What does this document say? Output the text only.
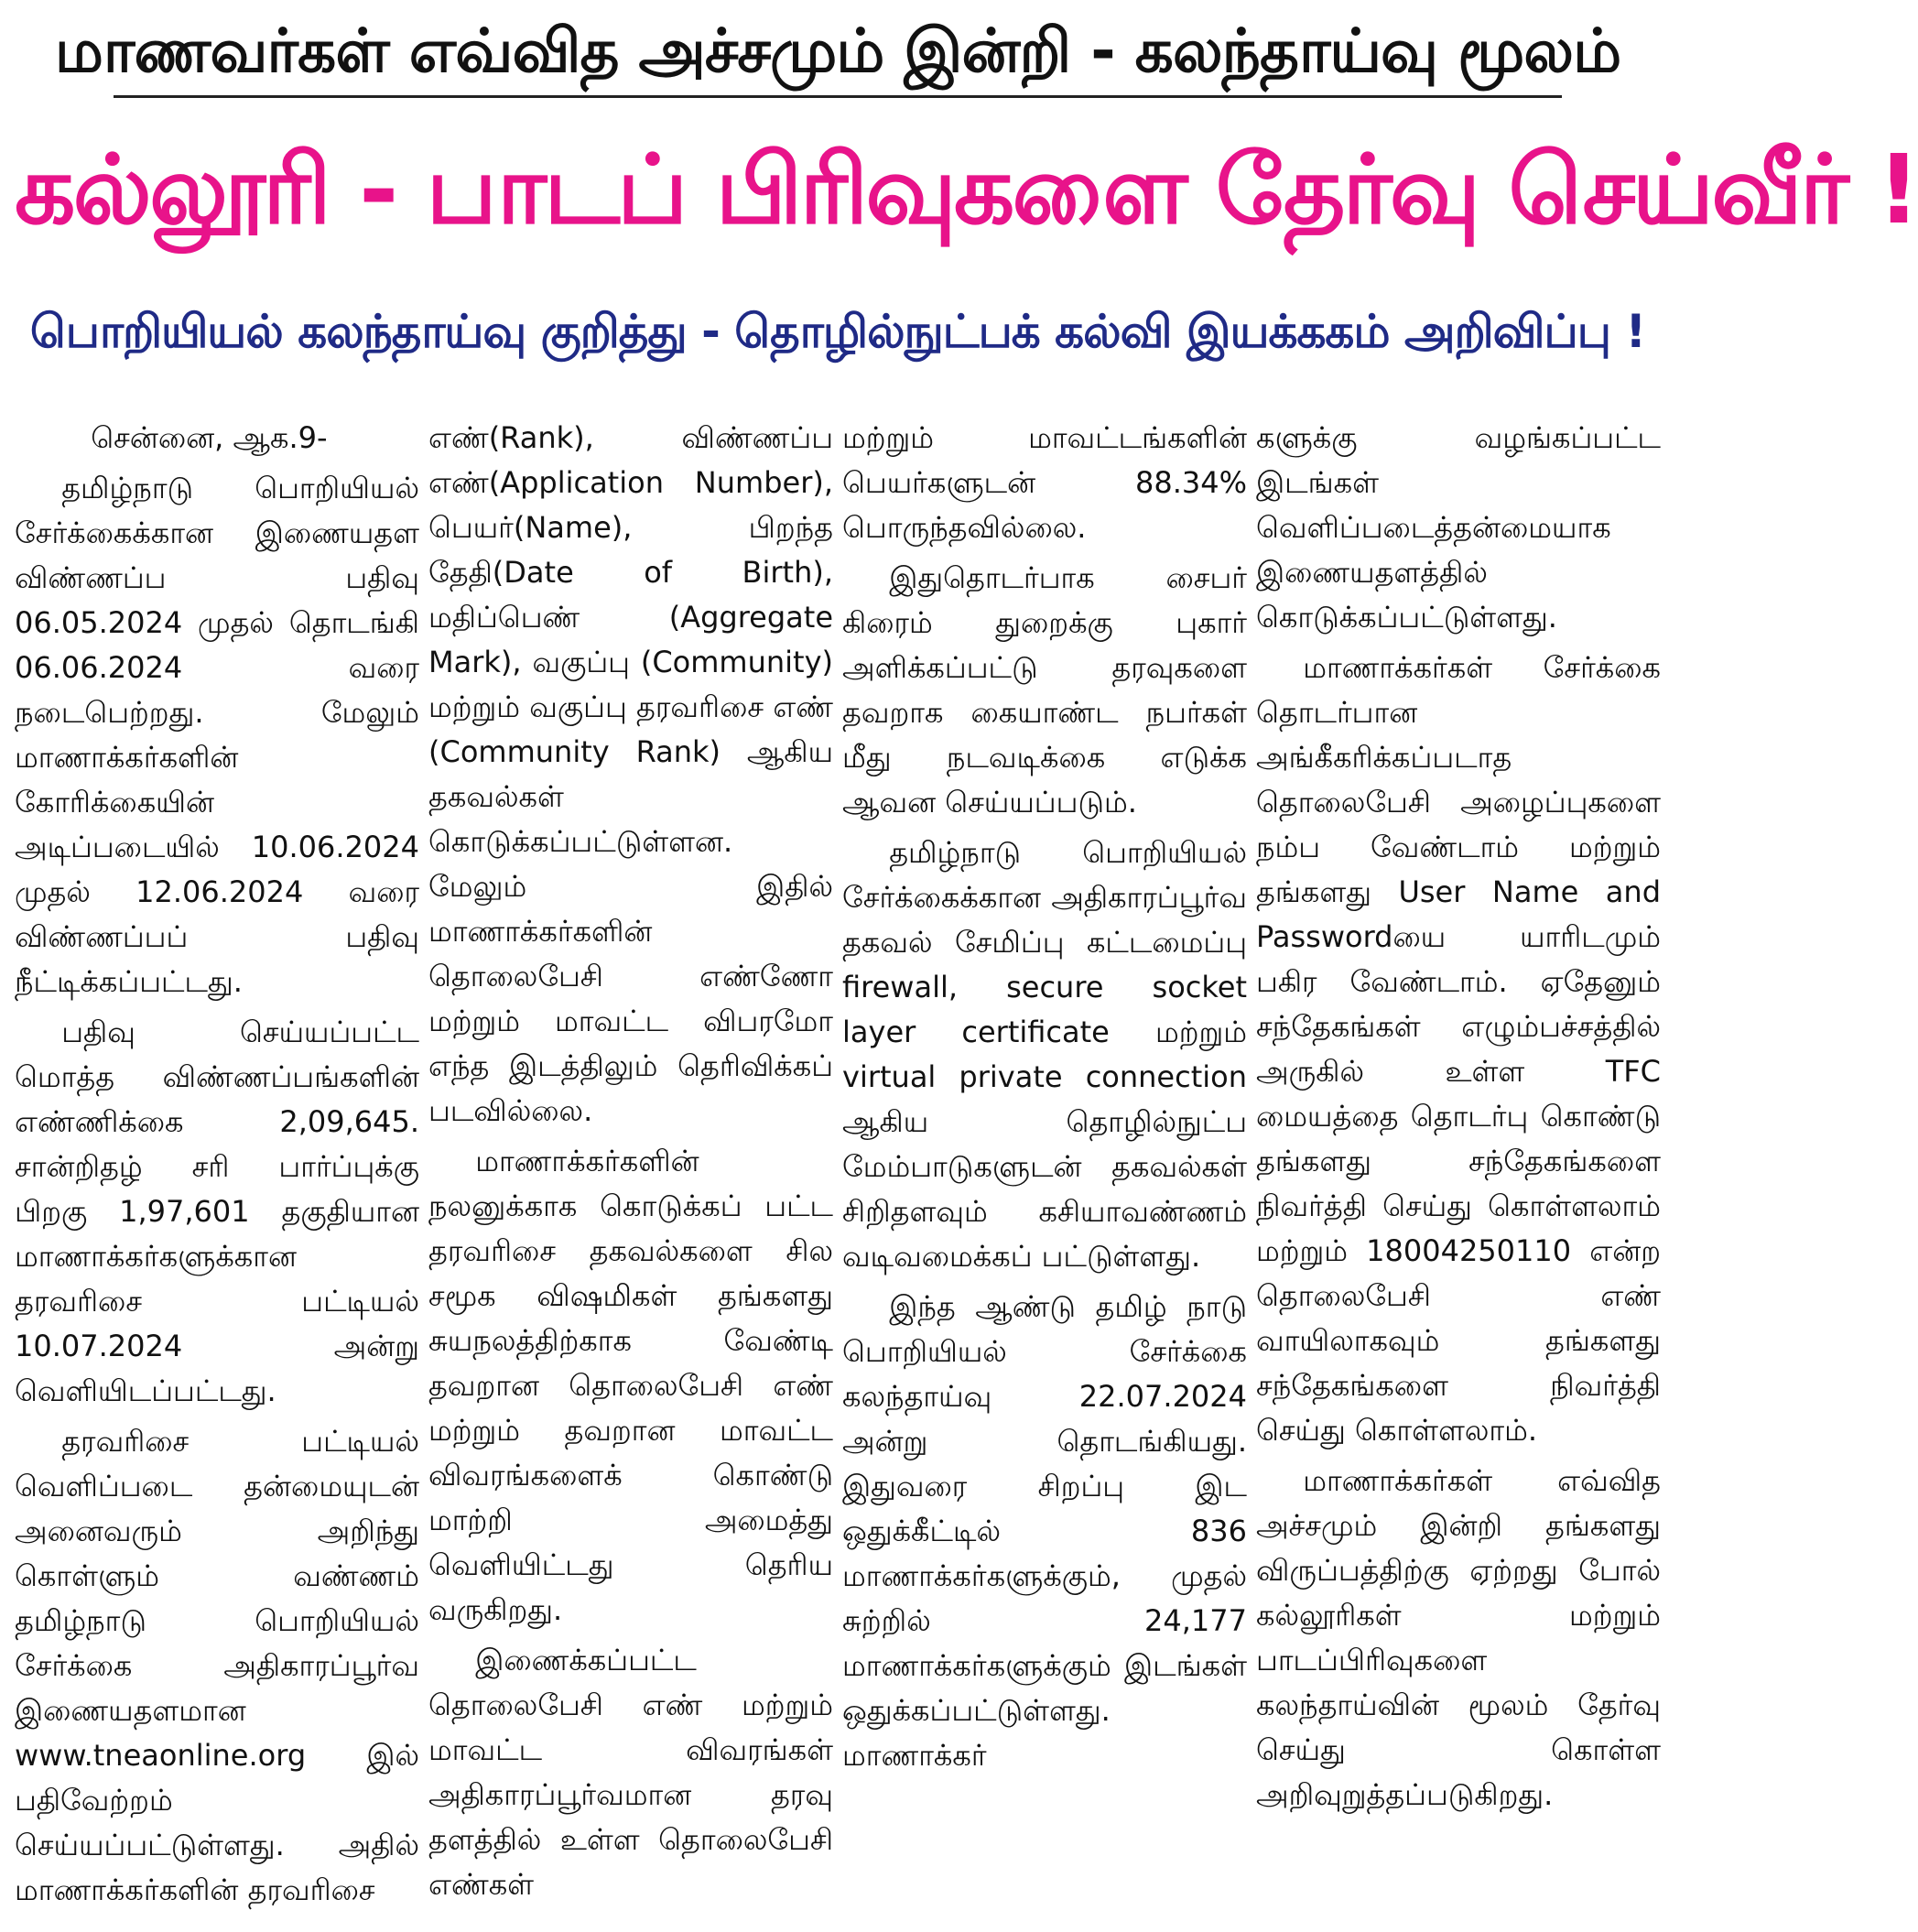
மாணவர்கள் எவ்வித அச்சமும் இன்றி - கலந்தாய்வு மூலம்
கல்லூரி - பாடப் பிரிவுகளை தேர்வு செய்வீர் !
பொறியியல் கலந்தாய்வு குறித்து - தொழில்நுட்பக் கல்வி இயக்ககம் அறிவிப்பு !

சென்னை, ஆக.9-

தமிழ்நாடு பொறியியல் சேர்க்கைக்கான இணையதள விண்ணப்ப பதிவு 06.05.2024 முதல் தொடங்கி 06.06.2024 வரை நடைபெற்றது. மேலும் மாணாக்கர்களின் கோரிக்கையின் அடிப்படையில் 10.06.2024 முதல் 12.06.2024 வரை விண்ணப்பப் பதிவு நீட்டிக்கப்பட்டது.

பதிவு செய்யப்பட்ட மொத்த விண்ணப்பங்களின் எண்ணிக்கை 2,09,645. சான்றிதழ் சரி பார்ப்புக்கு பிறகு 1,97,601 தகுதியான மாணாக்கர்களுக்கான தரவரிசை பட்டியல் 10.07.2024 அன்று வெளியிடப்பட்டது.

தரவரிசை பட்டியல் வெளிப்படை தன்மையுடன் அனைவரும் அறிந்து கொள்ளும் வண்ணம் தமிழ்நாடு பொறியியல் சேர்க்கை அதிகாரப்பூர்வ இணையதளமான www.tneaonline.org இல் பதிவேற்றம் செய்யப்பட்டுள்ளது. அதில் மாணாக்கர்களின் தரவரிசை

எண்(Rank), விண்ணப்ப எண்(Application Number), பெயர்(Name), பிறந்த தேதி(Date of Birth), மதிப்பெண் (Aggregate Mark), வகுப்பு (Community) மற்றும் வகுப்பு தரவரிசை எண் (Community Rank) ஆகிய தகவல்கள் கொடுக்கப்பட்டுள்ளன. மேலும் இதில் மாணாக்கர்களின் தொலைபேசி எண்ணோ மற்றும் மாவட்ட விபரமோ எந்த இடத்திலும் தெரிவிக்கப் படவில்லை.

மாணாக்கர்களின் நலனுக்காக கொடுக்கப் பட்ட தரவரிசை தகவல்களை சில சமூக விஷமிகள் தங்களது சுயநலத்திற்காக வேண்டி தவறான தொலைபேசி எண் மற்றும் தவறான மாவட்ட விவரங்களைக் கொண்டு மாற்றி அமைத்து வெளியிட்டது தெரிய வருகிறது.

இணைக்கப்பட்ட தொலைபேசி எண் மற்றும் மாவட்ட விவரங்கள் அதிகாரப்பூர்வமான தரவு தளத்தில் உள்ள தொலைபேசி எண்கள்

மற்றும் மாவட்டங்களின் பெயர்களுடன் 88.34% பொருந்தவில்லை.

இதுதொடர்பாக சைபர் கிரைம் துறைக்கு புகார் அளிக்கப்பட்டு தரவுகளை தவறாக கையாண்ட நபர்கள் மீது நடவடிக்கை எடுக்க ஆவன செய்யப்படும்.

தமிழ்நாடு பொறியியல் சேர்க்கைக்கான அதிகாரப்பூர்வ தகவல் சேமிப்பு கட்டமைப்பு firewall, secure socket layer certificate மற்றும் virtual private connection ஆகிய தொழில்நுட்ப மேம்பாடுகளுடன் தகவல்கள் சிறிதளவும் கசியாவண்ணம் வடிவமைக்கப் பட்டுள்ளது.

இந்த ஆண்டு தமிழ் நாடு பொறியியல் சேர்க்கை கலந்தாய்வு 22.07.2024 அன்று தொடங்கியது. இதுவரை சிறப்பு இட ஒதுக்கீட்டில் 836 மாணாக்கர்களுக்கும், முதல் சுற்றில் 24,177 மாணாக்கர்களுக்கும் இடங்கள் ஒதுக்கப்பட்டுள்ளது. மாணாக்கர்

களுக்கு வழங்கப்பட்ட இடங்கள் வெளிப்படைத்தன்மையாக இணையதளத்தில் கொடுக்கப்பட்டுள்ளது.

மாணாக்கர்கள் சேர்க்கை தொடர்பான அங்கீகரிக்கப்படாத தொலைபேசி அழைப்புகளை நம்ப வேண்டாம் மற்றும் தங்களது User Name and Passwordயை யாரிடமும் பகிர வேண்டாம். ஏதேனும் சந்தேகங்கள் எழும்பச்சத்தில் அருகில் உள்ள TFC மையத்தை தொடர்பு கொண்டு தங்களது சந்தேகங்களை நிவர்த்தி செய்து கொள்ளலாம் மற்றும் 18004250110 என்ற தொலைபேசி எண் வாயிலாகவும் தங்களது சந்தேகங்களை நிவர்த்தி செய்து கொள்ளலாம்.

மாணாக்கர்கள் எவ்வித அச்சமும் இன்றி தங்களது விருப்பத்திற்கு ஏற்றது போல் கல்லூரிகள் மற்றும் பாடப்பிரிவுகளை கலந்தாய்வின் மூலம் தேர்வு செய்து கொள்ள அறிவுறுத்தப்படுகிறது.
